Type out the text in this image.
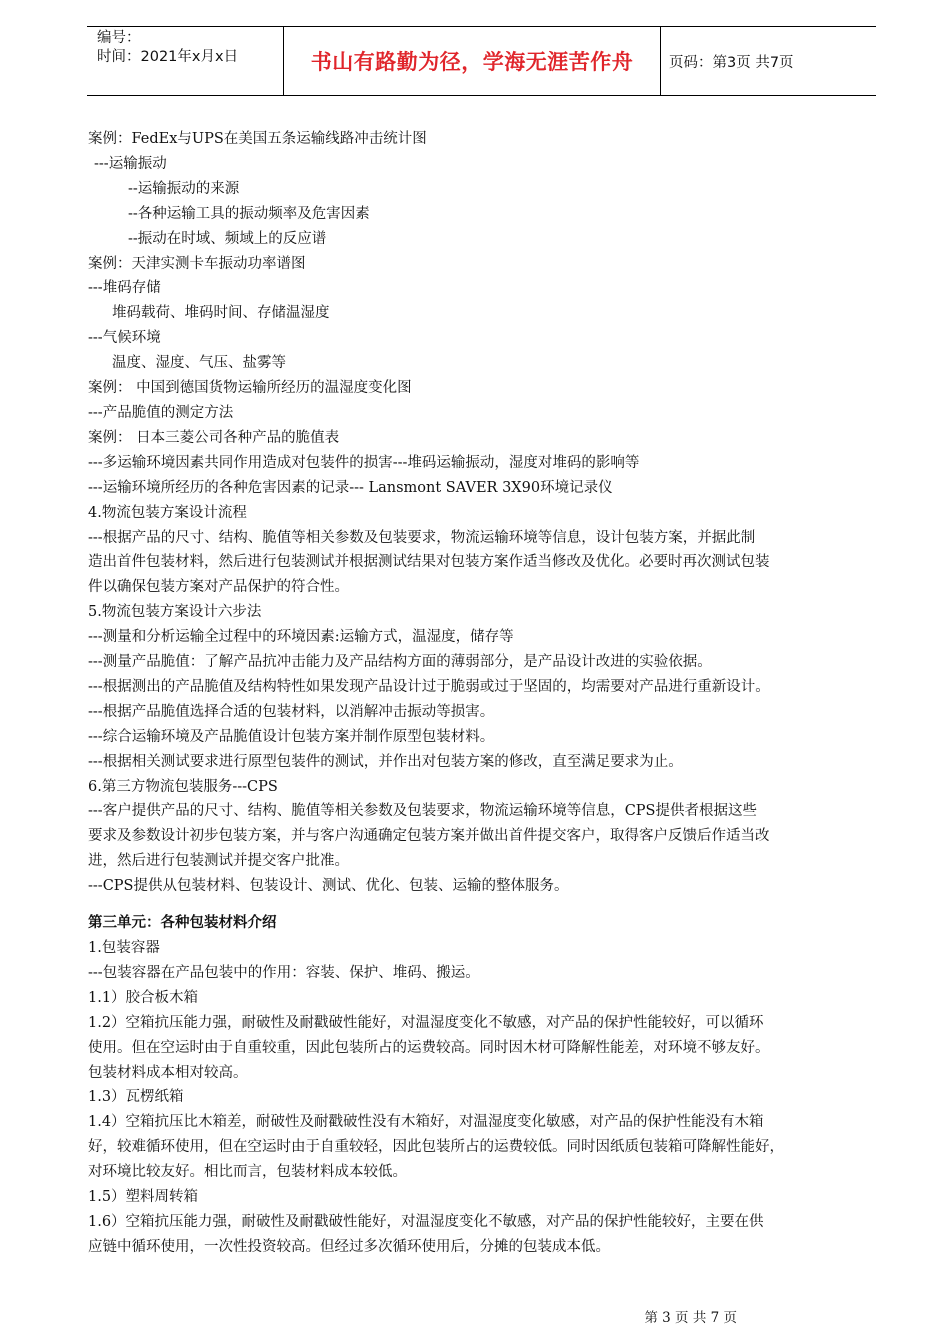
编号：
时间：2021年x月x日	书山有路勤为径，学海无涯苦作舟 页码：第3页 共7页
案例：FedEx与UPS在美国五条运输线路冲击统计图
---运输振动
--运输振动的来源
--各种运输工具的振动频率及危害因素
--振动在时域、频域上的反应谱
案例：天津实测卡车振动功率谱图
---堆码存储
堆码载荷、堆码时间、存储温湿度
---气候环境
温度、湿度、气压、盐雾等
案例： 中国到德国货物运输所经历的温湿度变化图
---产品脆值的测定方法
案例： 日本三菱公司各种产品的脆值表
---多运输环境因素共同作用造成对包装件的损害---堆码运输振动，湿度对堆码的影响等
---运输环境所经历的各种危害因素的记录--- Lansmont SAVER 3X90环境记录仪
4.物流包装方案设计流程
---根据产品的尺寸、结构、脆值等相关参数及包装要求，物流运输环境等信息，设计包装方案，并据此制
造出首件包装材料，然后进行包装测试并根据测试结果对包装方案作适当修改及优化。必要时再次测试包装
件以确保包装方案对产品保护的符合性。
5.物流包装方案设计六步法
---测量和分析运输全过程中的环境因素:运输方式，温湿度，储存等
---测量产品脆值：了解产品抗冲击能力及产品结构方面的薄弱部分，是产品设计改进的实验依据。
---根据测出的产品脆值及结构特性如果发现产品设计过于脆弱或过于坚固的，均需要对产品进行重新设计。
---根据产品脆值选择合适的包装材料，以消解冲击振动等损害。
---综合运输环境及产品脆值设计包装方案并制作原型包装材料。
---根据相关测试要求进行原型包装件的测试，并作出对包装方案的修改，直至满足要求为止。
6.第三方物流包装服务---CPS
---客户提供产品的尺寸、结构、脆值等相关参数及包装要求，物流运输环境等信息，CPS提供者根据这些
要求及参数设计初步包装方案，并与客户沟通确定包装方案并做出首件提交客户，取得客户反馈后作适当改
进，然后进行包装测试并提交客户批准。
---CPS提供从包装材料、包装设计、测试、优化、包装、运输的整体服务。
第三单元：各种包装材料介绍
1.包装容器
---包装容器在产品包装中的作用：容装、保护、堆码、搬运。
1.1）胶合板木箱
1.2）空箱抗压能力强，耐破性及耐戳破性能好，对温湿度变化不敏感，对产品的保护性能较好，可以循环
使用。但在空运时由于自重较重，因此包装所占的运费较高。同时因木材可降解性能差，对环境不够友好。
包装材料成本相对较高。
1.3）瓦楞纸箱
1.4）空箱抗压比木箱差，耐破性及耐戳破性没有木箱好，对温湿度变化敏感，对产品的保护性能没有木箱
好，较难循环使用，但在空运时由于自重较轻，因此包装所占的运费较低。同时因纸质包装箱可降解性能好，
对环境比较友好。相比而言，包装材料成本较低。
1.5）塑料周转箱
1.6）空箱抗压能力强，耐破性及耐戳破性能好，对温湿度变化不敏感，对产品的保护性能较好，主要在供
应链中循环使用，一次性投资较高。但经过多次循环使用后，分摊的包装成本低。
第 3 页 共 7 页
